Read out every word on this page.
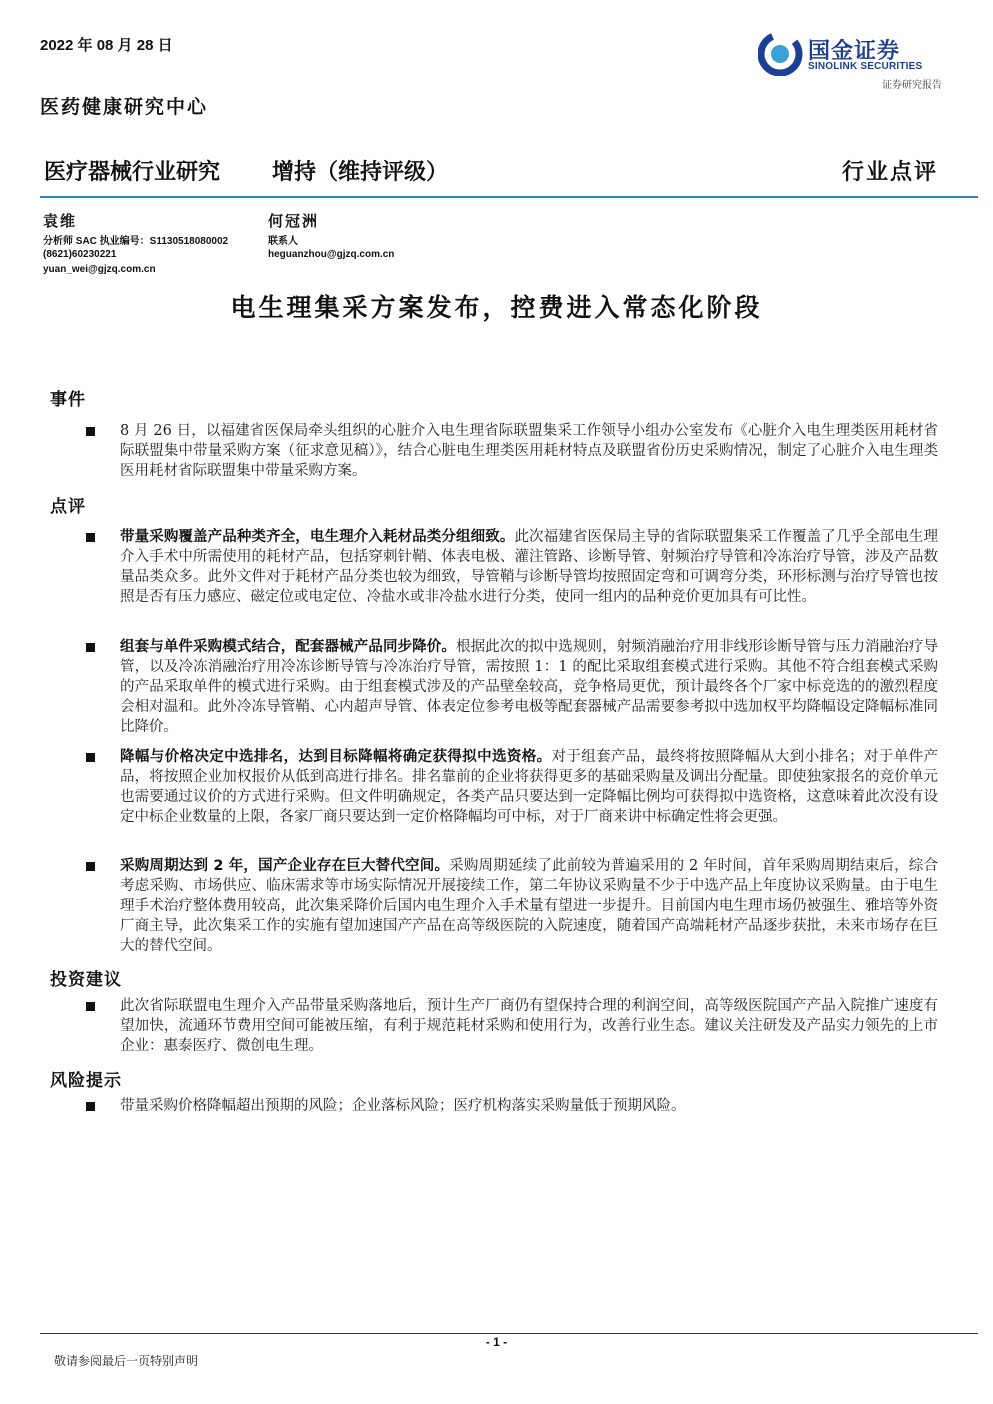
2022 年 08 月 28 日	国金证券
SINOLINK SECURITIES
证券研究报告
医药健康研究中心
医疗器械行业研究 增持（维持评级）	行业点评
袁维
分析师 SAC 执业编号：S1130518080002
(8621)60230221
yuan_wei@gjzq.com.cn
何冠洲
联系人
heguanzhou@gjzq.com.cn
电生理集采方案发布，控费进入常态化阶段
事件
8 月 26 日，以福建省医保局牵头组织的心脏介入电生理省际联盟集采工作领导小组办公室发布《心脏介入电生理类医用耗材省际联盟集中带量采购方案（征求意见稿）》，结合心脏电生理类医用耗材特点及联盟省份历史采购情况，制定了心脏介入电生理类医用耗材省际联盟集中带量采购方案。
点评
带量采购覆盖产品种类齐全，电生理介入耗材品类分组细致。此次福建省医保局主导的省际联盟集采工作覆盖了几乎全部电生理介入手术中所需使用的耗材产品，包括穿刺针鞘、体表电极、灌注管路、诊断导管、射频治疗导管和冷冻治疗导管，涉及产品数量品类众多。此外文件对于耗材产品分类也较为细致，导管鞘与诊断导管均按照固定弯和可调弯分类，环形标测与治疗导管也按照是否有压力感应、磁定位或电定位、冷盐水或非冷盐水进行分类，使同一组内的品种竞价更加具有可比性。
组套与单件采购模式结合，配套器械产品同步降价。根据此次的拟中选规则，射频消融治疗用非线形诊断导管与压力消融治疗导管，以及冷冻消融治疗用冷冻诊断导管与冷冻治疗导管，需按照 1：1 的配比采取组套模式进行采购。其他不符合组套模式采购的产品采取单件的模式进行采购。由于组套模式涉及的产品壁垒较高，竞争格局更优，预计最终各个厂家中标竞选的的激烈程度会相对温和。此外冷冻导管鞘、心内超声导管、体表定位参考电极等配套器械产品需要参考拟中选加权平均降幅设定降幅标准同比降价。
降幅与价格决定中选排名，达到目标降幅将确定获得拟中选资格。对于组套产品，最终将按照降幅从大到小排名；对于单件产品，将按照企业加权报价从低到高进行排名。排名靠前的企业将获得更多的基础采购量及调出分配量。即使独家报名的竞价单元也需要通过议价的方式进行采购。但文件明确规定，各类产品只要达到一定降幅比例均可获得拟中选资格，这意味着此次没有设定中标企业数量的上限，各家厂商只要达到一定价格降幅均可中标，对于厂商来讲中标确定性将会更强。
采购周期达到 2 年，国产企业存在巨大替代空间。采购周期延续了此前较为普遍采用的 2 年时间，首年采购周期结束后，综合考虑采购、市场供应、临床需求等市场实际情况开展接续工作，第二年协议采购量不少于中选产品上年度协议采购量。由于电生理手术治疗整体费用较高，此次集采降价后国内电生理介入手术量有望进一步提升。目前国内电生理市场仍被强生、雅培等外资厂商主导，此次集采工作的实施有望加速国产产品在高等级医院的入院速度，随着国产高端耗材产品逐步获批，未来市场存在巨大的替代空间。
投资建议
此次省际联盟电生理介入产品带量采购落地后，预计生产厂商仍有望保持合理的利润空间，高等级医院国产产品入院推广速度有望加快，流通环节费用空间可能被压缩，有利于规范耗材采购和使用行为，改善行业生态。建议关注研发及产品实力领先的上市企业：惠泰医疗、微创电生理。
风险提示
带量采购价格降幅超出预期的风险；企业落标风险；医疗机构落实采购量低于预期风险。
- 1 -
敬请参阅最后一页特别声明
